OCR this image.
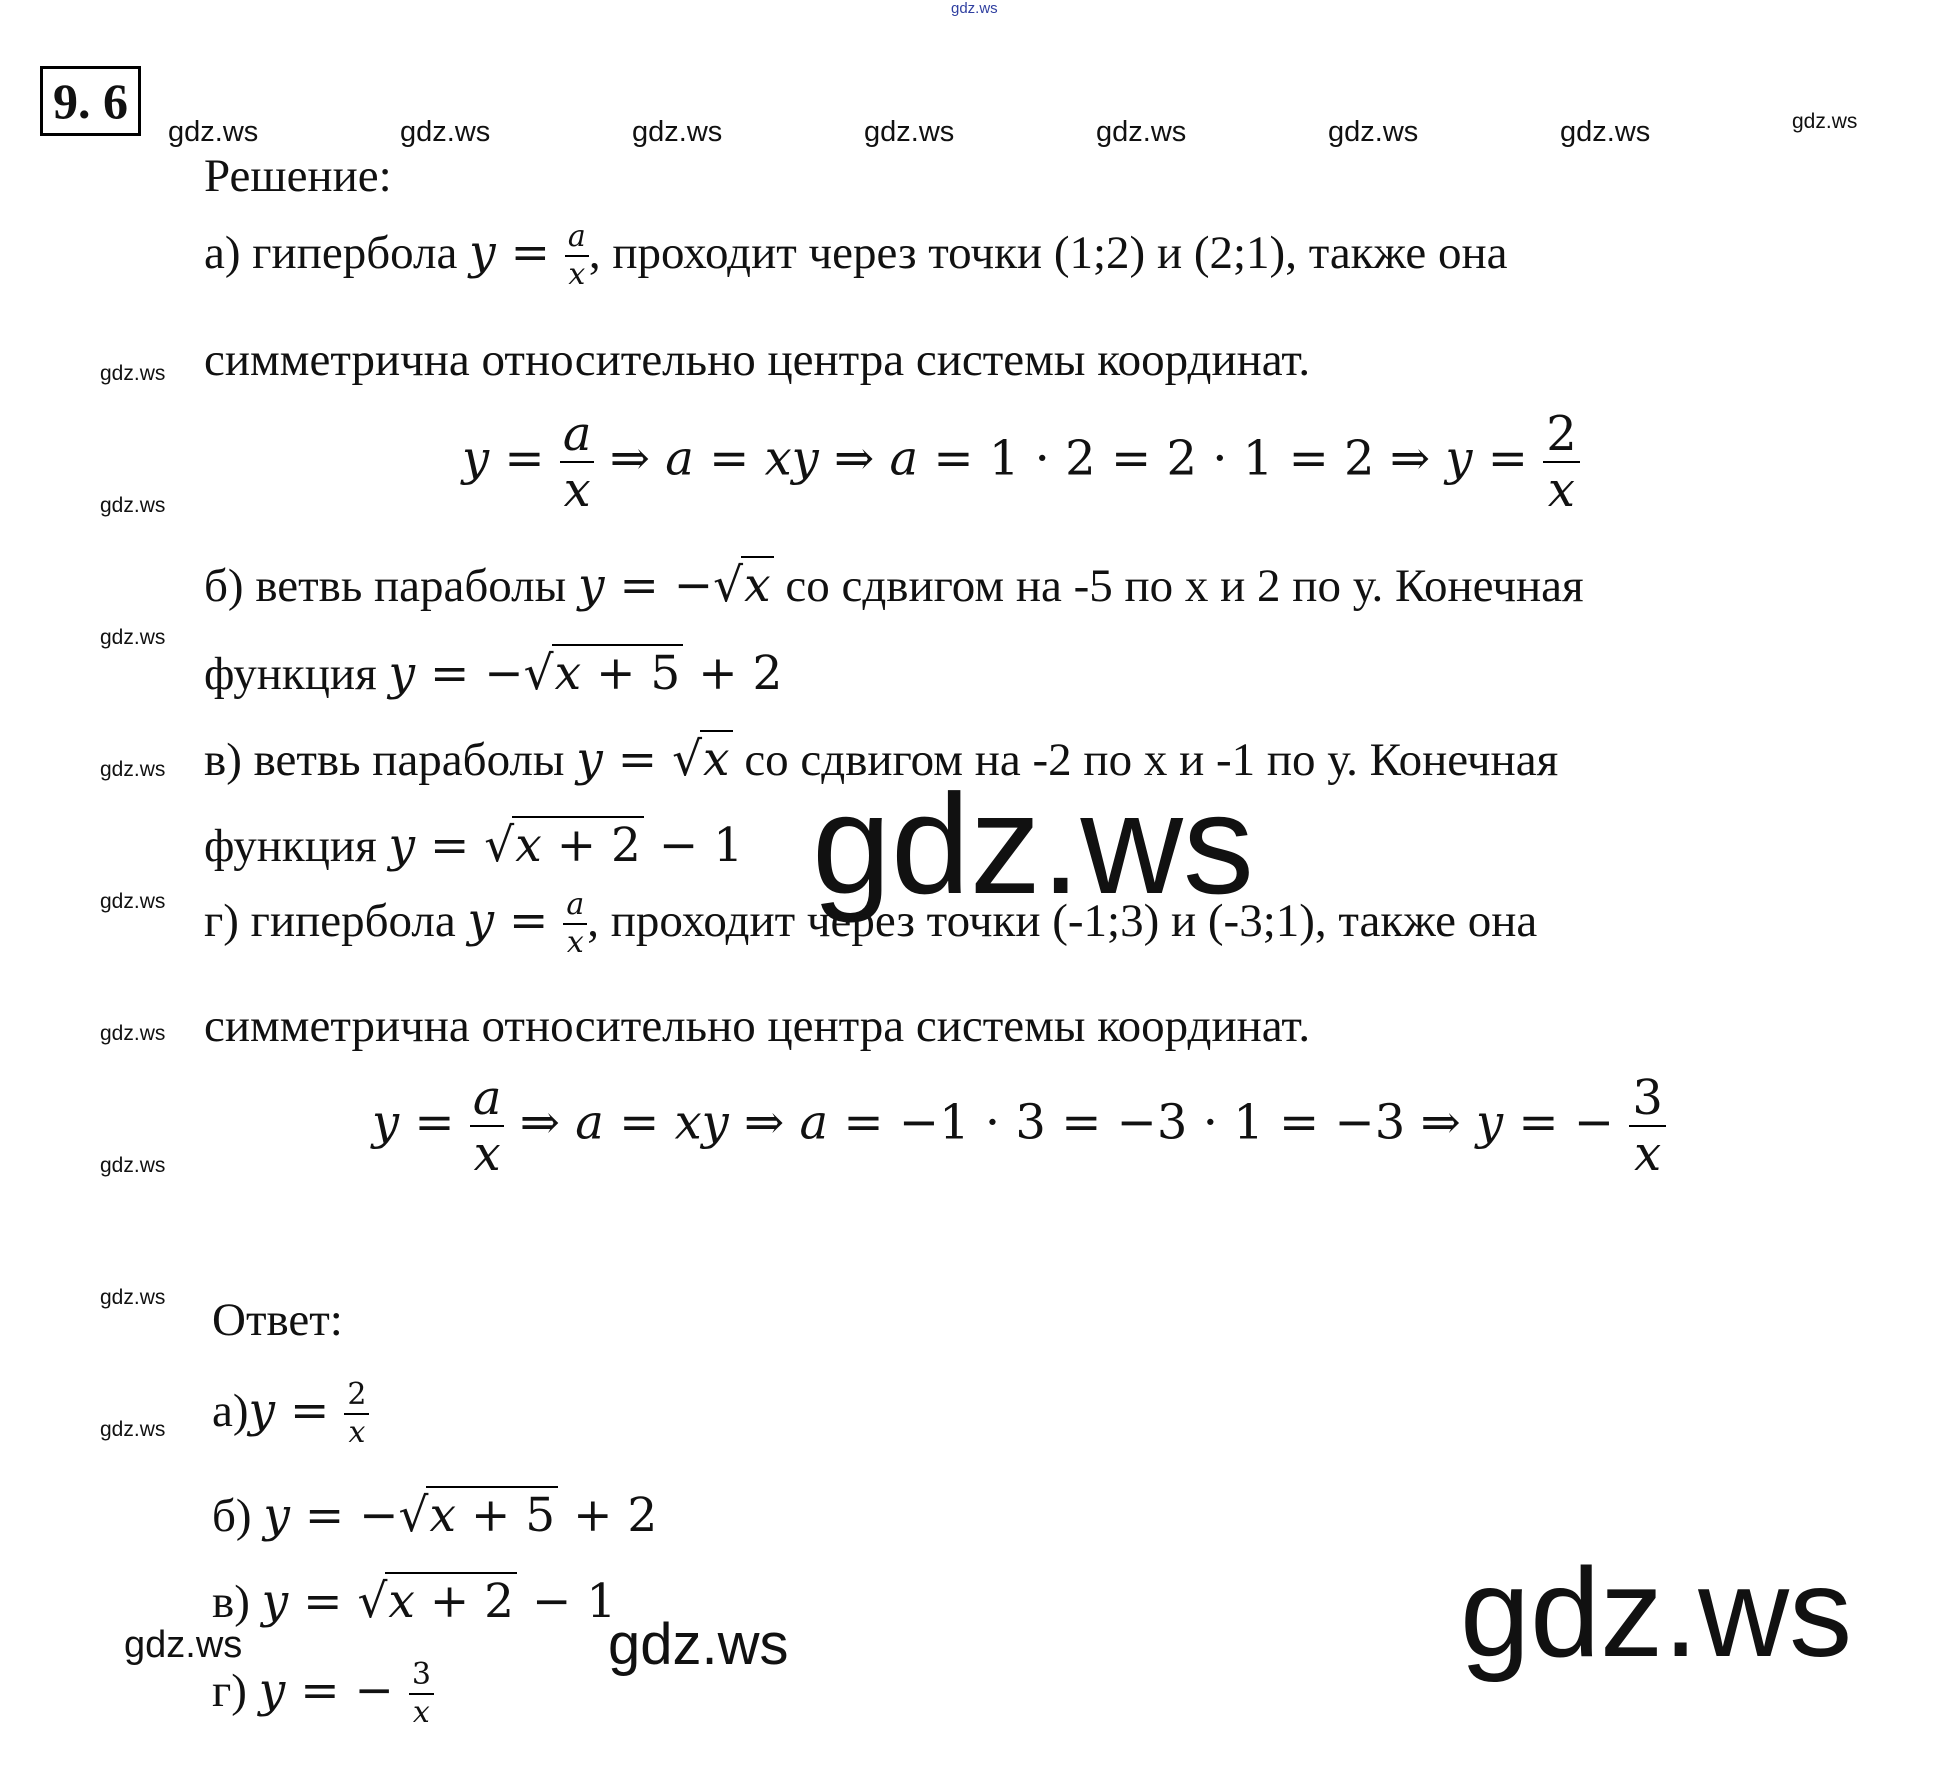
gdz.ws
gdz.ws	gdz.ws	gdz.ws	gdz.ws	gdz.ws	gdz.ws	gdz.ws	gdz.ws
gdz.ws
gdz.ws
gdz.ws
gdz.ws
gdz.ws
gdz.ws
gdz.ws
gdz.ws
gdz.ws
gdz.ws
gdz.ws
gdz.ws	gdz.ws
9. 6
Решение:
а) гипербола $y = \frac{a}{x}$ , проходит через точки (1;2) и (2;1), также она
симметрична относительно центра системы координат.
$y = \frac{a}{x}$ ⇒ a = xy ⇒ a = 1 · 2 = 2 · 1 = 2 ⇒ $y = \frac{2}{x}$
б) ветвь параболы y = −√x со сдвигом на -5 по х и 2 по у. Конечная
функция y = −√x + 5 + 2
в) ветвь параболы y = √x со сдвигом на -2 по х и -1 по у. Конечная
функция y = √x + 2 − 1
г) гипербола $y = \frac{a}{x}$ , проходит через точки (-1;3) и (-3;1), также она
симметрична относительно центра системы координат.
$y = \frac{a}{x}$ ⇒ a = xy ⇒ a = −1 · 3 = −3 · 1 = −3 ⇒ y = − $\frac{3}{x}$
Ответ:
$а)y = \frac{2}{x}$
б) y = −√x + 5 + 2
в) y = √x + 2 − 1
г) y = − $\frac{3}{x}$
